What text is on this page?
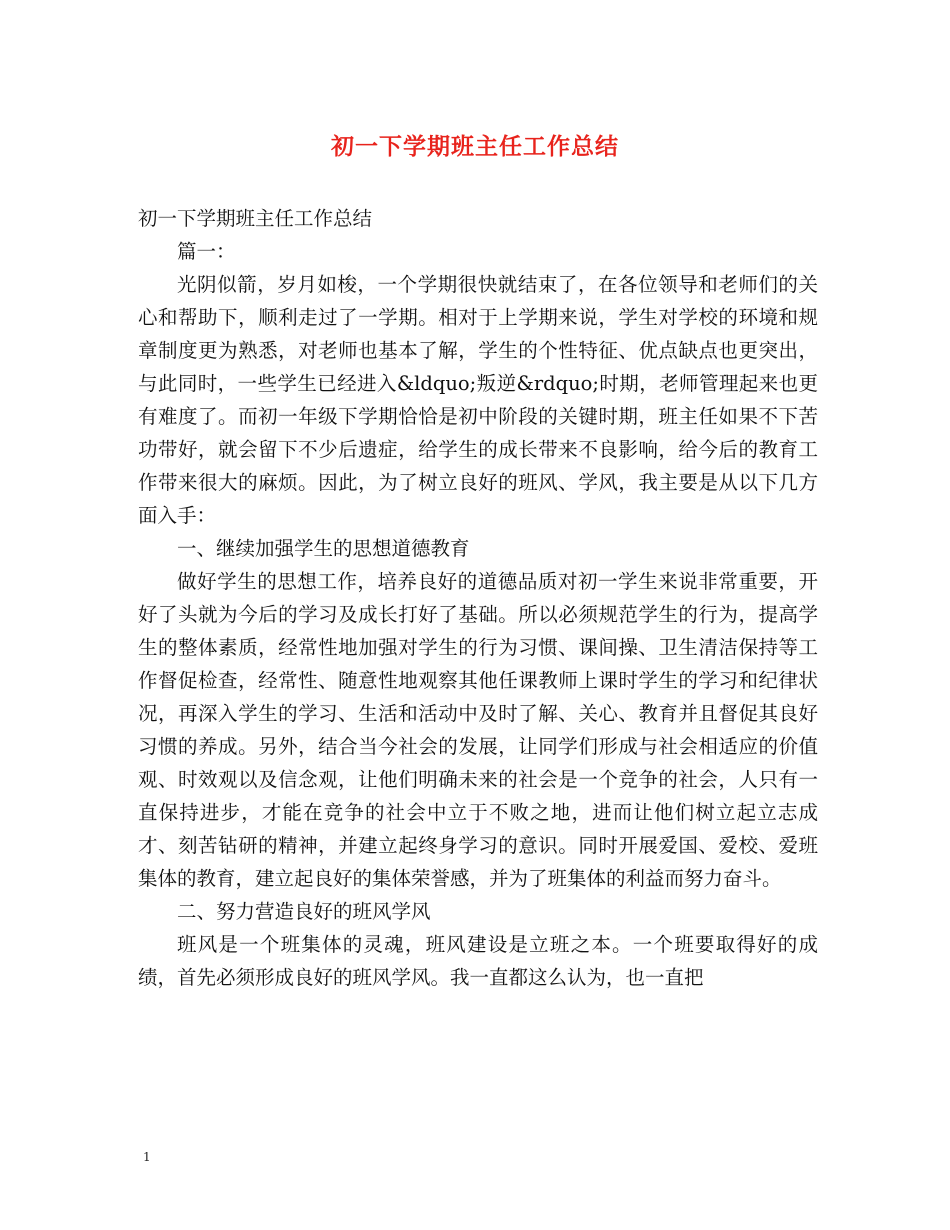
初一下学期班主任工作总结

初一下学期班主任工作总结

篇一：

光阴似箭，岁月如梭，一个学期很快就结束了，在各位领导和老师们的关心和帮助下，顺利走过了一学期。相对于上学期来说，学生对学校的环境和规章制度更为熟悉，对老师也基本了解，学生的个性特征、优点缺点也更突出，与此同时，一些学生已经进入&ldquo;叛逆&rdquo;时期，老师管理起来也更有难度了。而初一年级下学期恰恰是初中阶段的关键时期，班主任如果不下苦功带好，就会留下不少后遗症，给学生的成长带来不良影响，给今后的教育工作带来很大的麻烦。因此，为了树立良好的班风、学风，我主要是从以下几方面入手：

一、继续加强学生的思想道德教育

做好学生的思想工作，培养良好的道德品质对初一学生来说非常重要，开好了头就为今后的学习及成长打好了基础。所以必须规范学生的行为，提高学生的整体素质，经常性地加强对学生的行为习惯、课间操、卫生清洁保持等工作督促检查，经常性、随意性地观察其他任课教师上课时学生的学习和纪律状况，再深入学生的学习、生活和活动中及时了解、关心、教育并且督促其良好习惯的养成。另外，结合当今社会的发展，让同学们形成与社会相适应的价值观、时效观以及信念观，让他们明确未来的社会是一个竞争的社会，人只有一直保持进步，才能在竞争的社会中立于不败之地，进而让他们树立起立志成才、刻苦钻研的精神，并建立起终身学习的意识。同时开展爱国、爱校、爱班集体的教育，建立起良好的集体荣誉感，并为了班集体的利益而努力奋斗。

二、努力营造良好的班风学风

班风是一个班集体的灵魂，班风建设是立班之本。一个班要取得好的成绩，首先必须形成良好的班风学风。我一直都这么认为，也一直把

1
